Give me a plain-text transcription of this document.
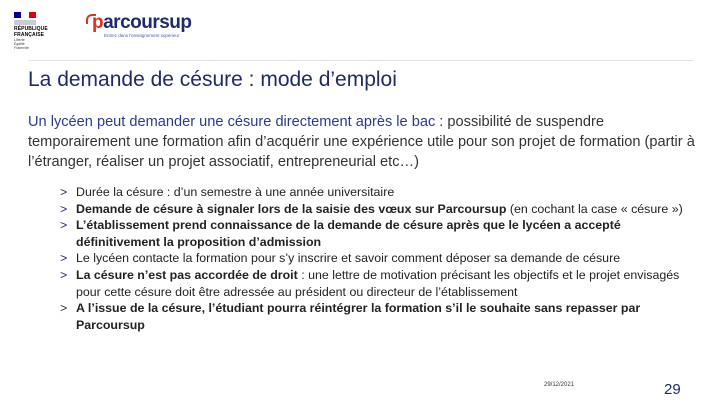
RÉPUBLIQUE
FRANÇAISE
Liberté
Égalité
Fraternité
parcoursup
Entrez dans l'enseignement supérieur
La demande de césure : mode d’emploi

Un lycéen peut demander une césure directement après le bac : possibilité de suspendre temporairement une formation afin d’acquérir une expérience utile pour son projet de formation (partir à l’étranger, réaliser un projet associatif, entrepreneurial etc…)

> Durée la césure : d’un semestre à une année universitaire
> Demande de césure à signaler lors de la saisie des vœux sur Parcoursup (en cochant la case « césure »)
> L’établissement prend connaissance de la demande de césure après que le lycéen a accepté définitivement la proposition d’admission
> Le lycéen contacte la formation pour s’y inscrire et savoir comment déposer sa demande de césure
> La césure n’est pas accordée de droit : une lettre de motivation précisant les objectifs et le projet envisagés pour cette césure doit être adressée au président ou directeur de l’établissement
> A l’issue de la césure, l’étudiant pourra réintégrer la formation s’il le souhaite sans repasser par Parcoursup
29/12/2021	29
